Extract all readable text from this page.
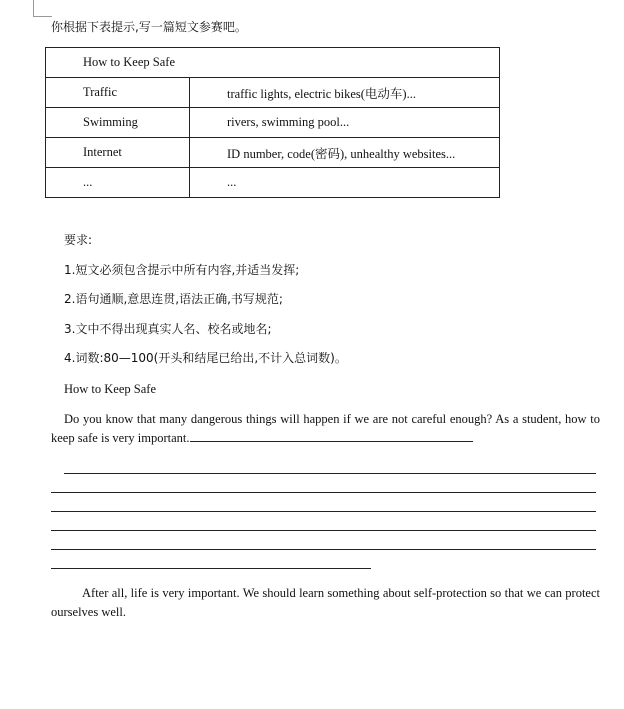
你根据下表提示,写一篇短文参赛吧。
How to Keep Safe	
Traffic	traffic lights, electric bikes(电动车)...
Swimming	rivers, swimming pool...
Internet	ID number, code(密码), unhealthy websites...
...	...
要求:
1.短文必须包含提示中所有内容,并适当发挥;
2.语句通顺,意思连贯,语法正确,书写规范;
3.文中不得出现真实人名、校名或地名;
4.词数:80—100(开头和结尾已给出,不计入总词数)。
How to Keep Safe
Do you know that many dangerous things will happen if we are not careful enough? As a student, how to keep safe is very important.
After all, life is very important. We should learn something about self-protection so that we can protect ourselves well.
